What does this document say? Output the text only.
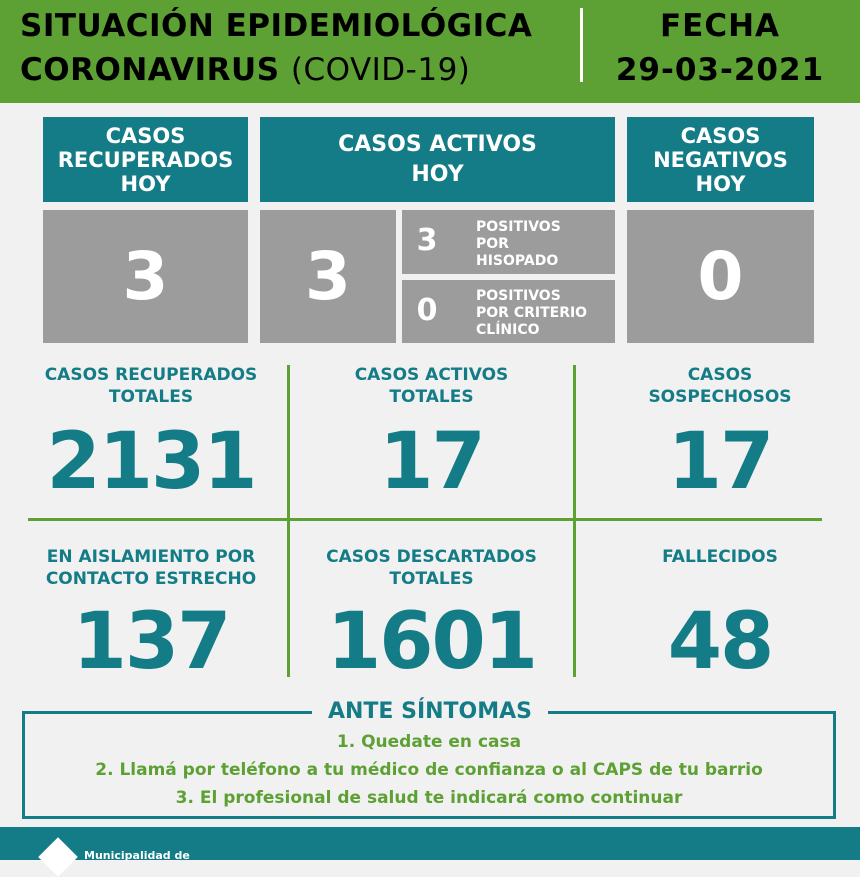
SITUACIÓN EPIDEMIOLÓGICA
CORONAVIRUS (COVID-19)
FECHA
29-03-2021
CASOS
RECUPERADOS
HOY
CASOS ACTIVOS
HOY
CASOS
NEGATIVOS
HOY
3 3	3	POSITIVOS
POR
HISOPADO
0	POSITIVOS
POR CRITERIO
CLÍNICO
0
CASOS RECUPERADOS
TOTALES
2131
CASOS ACTIVOS
TOTALES
17
CASOS
SOSPECHOSOS
17
EN AISLAMIENTO POR
CONTACTO ESTRECHO
137
CASOS DESCARTADOS
TOTALES
1601
FALLECIDOS
48
ANTE SÍNTOMAS
1. Quedate en casa
2. Llamá por teléfono a tu médico de confianza o al CAPS de tu barrio
3. El profesional de salud te indicará como continuar
Municipalidad de
